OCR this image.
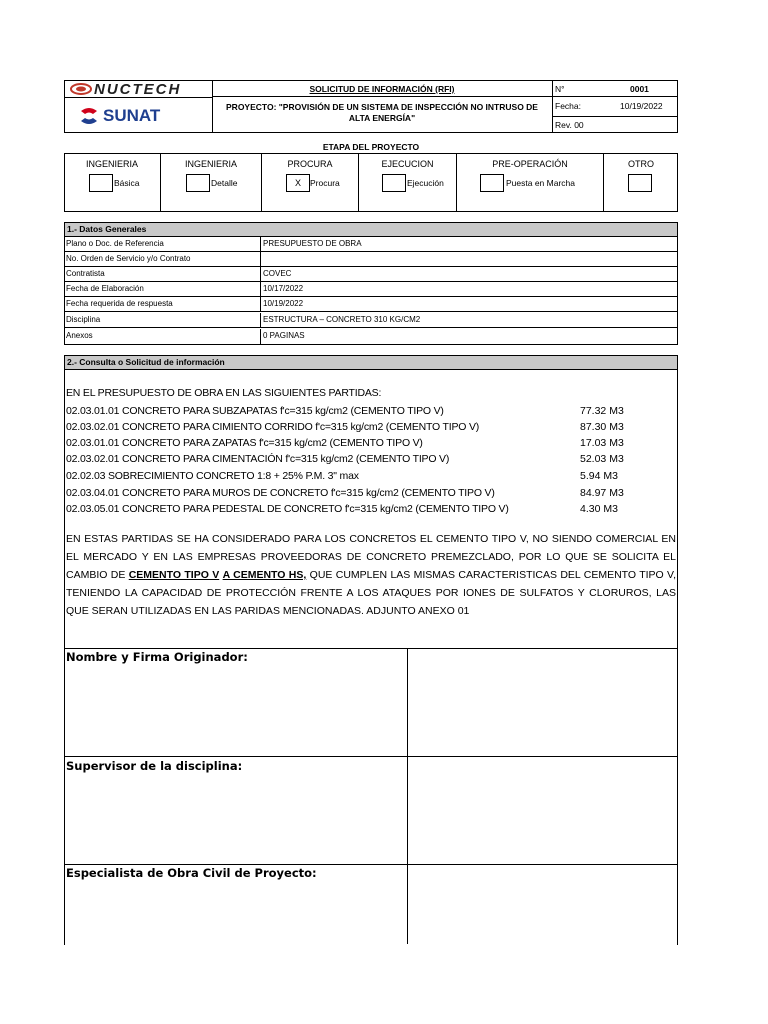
NUCTECH
SUNAT
SOLICITUD DE INFORMACIÓN (RFI)
PROYECTO: "PROVISIÓN DE UN SISTEMA DE INSPECCIÓN NO INTRUSO DE ALTA ENERGÍA"
N°	0001
Fecha:	10/19/2022
Rev. 00
ETAPA DEL PROYECTO
INGENIERIA
Básica
INGENIERIA
Detalle
PROCURA
X	Procura
EJECUCION
Ejecución
PRE-OPERACIÓN
Puesta en Marcha
OTRO
1.- Datos Generales
Plano o Doc. de Referencia	PRESUPUESTO DE OBRA
No. Orden de Servicio y/o Contrato
Contratista	COVEC
Fecha de Elaboración	10/17/2022
Fecha requerida de respuesta	10/19/2022
Disciplina	ESTRUCTURA – CONCRETO 310 KG/CM2
Anexos	0 PAGINAS
2.- Consulta o Solicitud de información
EN EL PRESUPUESTO DE OBRA EN LAS SIGUIENTES PARTIDAS:
02.03.01.01 CONCRETO PARA SUBZAPATAS f'c=315 kg/cm2 (CEMENTO TIPO V)	77.32 M3
02.03.02.01 CONCRETO PARA CIMIENTO CORRIDO f'c=315 kg/cm2 (CEMENTO TIPO V)	87.30 M3
02.03.01.01 CONCRETO PARA ZAPATAS f'c=315 kg/cm2 (CEMENTO TIPO V)	17.03 M3
02.03.02.01 CONCRETO PARA CIMENTACIÓN f'c=315 kg/cm2 (CEMENTO TIPO V)	52.03 M3
02.02.03 SOBRECIMIENTO CONCRETO 1:8 + 25% P.M. 3" max	5.94 M3
02.03.04.01 CONCRETO PARA MUROS DE CONCRETO f'c=315 kg/cm2 (CEMENTO TIPO V)	84.97 M3
02.03.05.01 CONCRETO PARA PEDESTAL DE CONCRETO f'c=315 kg/cm2 (CEMENTO TIPO V)	4.30 M3
EN ESTAS PARTIDAS SE HA CONSIDERADO PARA LOS CONCRETOS EL CEMENTO TIPO V, NO SIENDO COMERCIAL EN EL MERCADO Y EN LAS EMPRESAS PROVEEDORAS DE CONCRETO PREMEZCLADO, POR LO QUE SE SOLICITA EL CAMBIO DE CEMENTO TIPO V A CEMENTO HS, QUE CUMPLEN LAS MISMAS CARACTERISTICAS DEL CEMENTO TIPO V, TENIENDO LA CAPACIDAD DE PROTECCIÓN FRENTE A LOS ATAQUES POR IONES DE SULFATOS Y CLORUROS, LAS QUE SERAN UTILIZADAS EN LAS PARIDAS MENCIONADAS. ADJUNTO ANEXO 01
Nombre y Firma Originador:
Supervisor de la disciplina:
Especialista de Obra Civil de Proyecto:
